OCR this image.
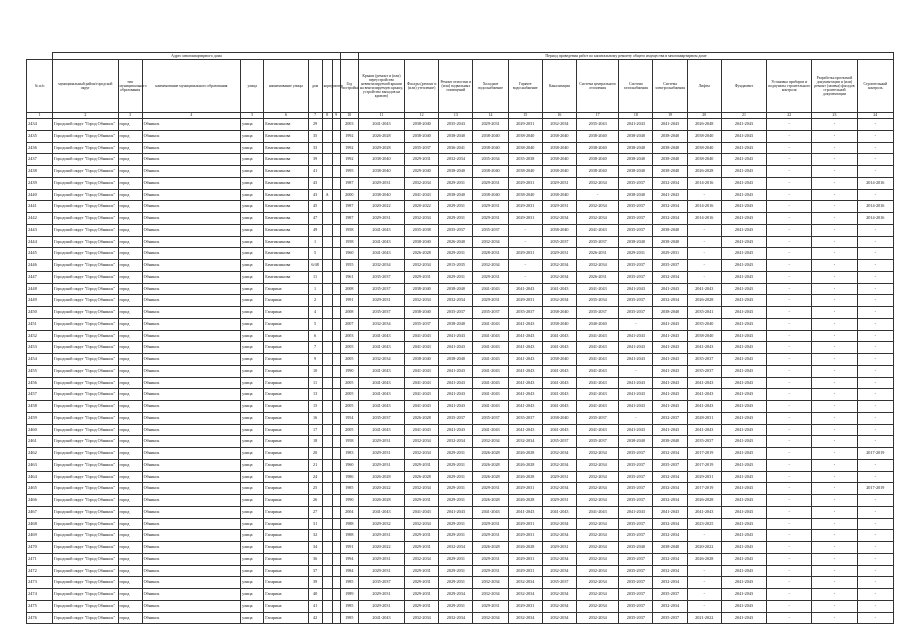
	Адрес многоквартирного дома									Период проведения работ по капитальному ремонту общего имущества в многоквартирном доме													
№ п/п	муниципальный район/городской округ	тип муниципального образования	наименование муниципального образования	улица	наименование улицы	дом	корпус	литер	Год постройки	Крыши (ремонт и (или) переустройство невентилируемой крыши на вентилируемую крышу, устройство выходов на кровлю)	Фасады (ремонт и (или) утепление)	Ремонт отмостки и (или) подвальных помещений	Холодное водоснабжение	Горячее водоснабжение	Канализация	Система центрального отопления	Система газоснабжения	Система электроснабжения	Лифты	Фундамент	Установка приборов и подпункты строительного контроля	Разработка проектной документации и (или) ремонт (замена) фасадов строительной документации	Строительный контроль
1	2	3	4	5	6	7	8	9	10	11	12	13	14	15	16	17	18	19	20	21	22	23	24
2434	Городской округ "Город Обнинск"	город	Обнинск	улица	Бентиклинова	29			2003	2041-2043	2038-2040	2035-2043	2029-2031	2029-2031	2032-2034	2035-2043	2041-2043	2041-2043	2026-2048	2041-2043	-	-	-
2435	Городской округ "Город Обнинск"	город	Обнинск	улица	Бентиклинова	35			1992	2026-2028	2038-2040	2038-2040	2038-2040	2038-2040	2038-2040	2038-2040	2038-2040	2038-2040	2038-2040	2041-2043	-	-	-
2436	Городской округ "Город Обнинск"	город	Обнинск	улица	Бентиклинова	33			1992	2029-2028	2035-2037	2036-2041	2038-2040	2038-2040	2038-2040	2038-2040	2038-2040	2038-2040	2038-2040	2041-2043	-	-	-
2437	Городской округ "Город Обнинск"	город	Обнинск	улица	Бентиклинова	39			1992	2038-2040	2029-2031	2032-2034	2035-2034	2035-2038	2038-2040	2038-2040	2038-2040	2038-2040	2038-2040	2041-2043	-	-	-
2438	Городской округ "Город Обнинск"	город	Обнинск	улица	Бентиклинова	41			1995	2038-2040	2029-2040	2038-2040	2038-2040	2038-2040	2038-2040	2038-2040	2038-2040	2038-2040	2026-2028	2041-2043	-	-	-
2439	Городской округ "Город Обнинск"	город	Обнинск	улица	Бентиклинова	43			1987	2029-2031	2032-2034	2029-2031	2029-2031	2029-2031	2029-2031	2032-2034	2035-2037	2032-2034	2014-2016	2041-2043	-	-	2014-2016
2440	Городской округ "Город Обнинск"	город	Обнинск	улица	Бентиклинова	43	А		2000	2038-2040	2041-2043	2038-2040	2038-2040	2038-2040	2038-2040	-	2038-2040	2041-2043	-	2041-2043	-	-	-
2441	Городской округ "Город Обнинск"	город	Обнинск	улица	Бентиклинова	45			1987	2020-2022	2020-2022	2029-2031	2029-2031	2029-2031	2029-2031	2032-2034	2035-2037	2032-2034	2014-2016	2041-2043	-	-	2014-2016
2442	Городской округ "Город Обнинск"	город	Обнинск	улица	Бентиклинова	47			1987	2029-2031	2032-2034	2029-2031	2029-2031	2029-2031	2032-2034	2032-2034	2035-2037	2032-2034	2014-2016	2041-2043	-	-	2014-2016
2443	Городской округ "Город Обнинск"	город	Обнинск	улица	Бентиклинова	49			1958	2041-2043	2035-2038	2035-2037	2035-2037	-	2038-2040	2041-2043	2035-2037	2038-2040	-	2041-2043	-	-	-
2444	Городской округ "Город Обнинск"	город	Обнинск	улица	Бентиклинова	1			1958	2041-2043	2038-2040	2026-2040	2032-2034	-	2035-2037	2035-2037	2038-2040	2038-2040	-	2041-2043	-	-	-
2445	Городской округ "Город Обнинск"	город	Обнинск	улица	Бентиклинова	5			1960	2041-2043	2026-2028	2029-2031	2028-2031	2029-2031	2029-2031	2026-2031	2029-2031	2029-2031	-	2041-2043	-	-	-
2446	Городской округ "Город Обнинск"	город	Обнинск	улица	Бентиклинова	6/48			1955	2032-2034	2032-2034	2015-2035	2032-2034	-	2032-2034	2032-2034	2035-2037	2035-2037	-	2041-2043	-	-	-
2447	Городской округ "Город Обнинск"	город	Обнинск	улица	Бентиклинова	11			1961	2035-2037	2029-2031	2029-2031	2029-2031	-	2032-2034	2026-2031	2035-2037	2032-2034	-	2041-2043	-	-	-
2448	Городской округ "Город Обнинск"	город	Обнинск	улица	Гагарина	1			2008	2035-2037	2038-2040	2038-2040	2041-2043	2041-2043	2041-2043	2041-2043	2041-2043	2041-2043	2041-2043	2041-2043	-	-	-
2449	Городской округ "Город Обнинск"	город	Обнинск	улица	Гагарина	2			1991	2029-2031	2032-2034	2032-2034	2029-2031	2029-2031	2032-2034	2035-2034	2035-2037	2032-2034	2026-2028	2041-2043	-	-	-
2450	Городской округ "Город Обнинск"	город	Обнинск	улица	Гагарина	4			2008	2035-2037	2038-2040	2035-2037	2035-2037	2035-2037	2038-2040	2035-2037	2035-2037	2038-2040	2035-2041	2041-2043	-	-	-
2451	Городской округ "Город Обнинск"	город	Обнинск	улица	Гагарина	5			2007	2032-2034	2035-2037	2038-2040	2041-2043	2041-2043	2038-2040	2040-2040	-	2041-2043	2035-2040	2041-2043	-	-	-
2452	Городской округ "Город Обнинск"	город	Обнинск	улица	Гагарина	6			2003	2041-2043	2041-2043	2041-2043	2041-2043	2041-2043	2041-2043	2041-2043	2041-2043	2041-2043	2038-2040	2041-2043	-	-	-
2453	Городской округ "Город Обнинск"	город	Обнинск	улица	Гагарина	7			2005	2041-2043	2041-2043	2041-2043	2041-2043	2041-2043	2041-2043	2041-2043	2041-2043	2041-2043	2041-2043	2041-2043	-	-	-
2454	Городской округ "Город Обнинск"	город	Обнинск	улица	Гагарина	9			2005	2032-2034	2038-2040	2038-2040	2041-2043	2041-2043	2038-2040	2041-2043	2041-2043	2041-2043	2035-2037	2041-2043	-	-	-
2455	Городской округ "Город Обнинск"	город	Обнинск	улица	Гагарина	10			1990	2041-2043	2041-2043	2041-2043	2041-2043	2041-2043	2041-2043	2041-2043	-	2041-2043	2035-2037	2041-2043	-	-	-
2456	Городской округ "Город Обнинск"	город	Обнинск	улица	Гагарина	11			2005	2041-2043	2041-2043	2041-2043	2041-2043	2041-2043	2041-2043	2041-2043	2041-2043	2041-2043	2041-2043	2041-2043	-	-	-
2457	Городской округ "Город Обнинск"	город	Обнинск	улица	Гагарина	13			2005	2041-2043	2041-2043	2041-2043	2041-2043	2041-2043	2041-2043	2041-2043	2041-2043	2041-2043	2041-2043	2041-2043	-	-	-
2458	Городской округ "Город Обнинск"	город	Обнинск	улица	Гагарина	15			2005	2041-2043	2041-2043	2041-2043	2041-2043	2041-2043	2041-2043	2041-2043	2041-2043	2041-2043	2041-2043	2041-2043	-	-	-
2459	Городской округ "Город Обнинск"	город	Обнинск	улица	Гагарина	16			1954	2035-2037	2026-2028	2035-2037	2035-2037	2035-2037	2038-2040	2035-2037	-	2032-2037	2028-2031	2041-2043	-	-	-
2460	Городской округ "Город Обнинск"	город	Обнинск	улица	Гагарина	17			2005	2041-2043	2041-2043	2041-2043	2041-2043	2041-2043	2041-2043	2041-2043	2041-2043	2041-2043	2041-2043	2041-2043	-	-	-
2461	Городской округ "Город Обнинск"	город	Обнинск	улица	Гагарина	18			1958	2029-2031	2032-2034	2032-2034	2032-2034	2032-2034	2035-2037	2035-2037	2038-2040	2038-2040	2035-2037	2041-2043	-	-	-
2462	Городской округ "Город Обнинск"	город	Обнинск	улица	Гагарина	20			1983	2029-2031	2032-2034	2029-2031	2026-2028	2026-2028	2032-2034	2032-2034	2035-2037	2032-2034	2017-2019	2041-2043	-	-	2017-2019
2463	Городской округ "Город Обнинск"	город	Обнинск	улица	Гагарина	21			1960	2029-2031	2029-2031	2029-2031	2026-2028	2026-2028	2032-2034	2032-2034	2035-2037	2035-2037	2017-2019	2041-2043	-	-	-
2464	Городской округ "Город Обнинск"	город	Обнинск	улица	Гагарина	24			1986	2026-2028	2026-2028	2029-2031	2026-2028	2026-2028	2029-2031	2032-2034	2035-2037	2032-2034	2029-2031	2041-2043	-	-	-
2465	Городской округ "Город Обнинск"	город	Обнинск	улица	Гагарина	25			1985	2020-2022	2032-2034	2029-2031	2029-2031	2029-2031	2032-2034	2032-2034	2035-2037	2032-2034	2017-2019	2041-2043	-	-	2017-2019
2466	Городской округ "Город Обнинск"	город	Обнинск	улица	Гагарина	26			1990	2026-2028	2029-2031	2029-2031	2026-2028	2026-2028	2029-2031	2032-2034	2035-2037	2032-2034	2026-2028	2041-2043	-	-	-
2467	Городской округ "Город Обнинск"	город	Обнинск	улица	Гагарина	27			2004	2041-2043	2041-2043	2041-2043	2041-2043	2041-2043	2041-2043	2041-2043	2041-2043	2041-2043	2041-2043	2041-2043	-	-	-
2468	Городской округ "Город Обнинск"	город	Обнинск	улица	Гагарина	31			1988	2029-2032	2032-2034	2029-2031	2029-2031	2029-2031	2032-2034	2032-2034	2035-2037	2032-2034	2023-2025	2041-2043	-	-	-
2469	Городской округ "Город Обнинск"	город	Обнинск	улица	Гагарина	32			1988	2029-2031	2029-2031	2029-2031	2029-2031	2029-2031	2032-2034	2032-2034	2035-2037	2032-2034	-	2041-2043	-	-	-
2470	Городской округ "Город Обнинск"	город	Обнинск	улица	Гагарина	34			1991	2020-2022	2029-2031	2032-2034	2026-2028	2026-2028	2029-2031	2032-2034	2035-2040	2038-2040	2020-2022	2041-2043	-	-	-
2471	Городской округ "Город Обнинск"	город	Обнинск	улица	Гагарина	36			1994	2029-2031	2032-2034	2029-2031	2029-2031	2029-2031	2032-2034	2032-2034	2035-2037	2032-2034	2026-2028	2041-2043	-	-	-
2472	Городской округ "Город Обнинск"	город	Обнинск	улица	Гагарина	37			1984	2029-2031	2029-2031	2029-2031	2029-2031	2029-2031	2032-2034	2032-2034	2035-2037	2032-2034	-	2041-2043	-	-	-
2473	Городской округ "Город Обнинск"	город	Обнинск	улица	Гагарина	39			1985	2035-2037	2029-2031	2029-2031	2032-2034	2032-2034	2035-2037	2032-2034	2035-2037	2032-2034	-	2041-2043	-	-	-
2474	Городской округ "Город Обнинск"	город	Обнинск	улица	Гагарина	40			1989	2029-2031	2029-2031	2029-2034	2032-2034	2032-2034	2032-2034	2032-2034	2035-2037	2035-2037	-	2041-2043	-	-	-
2475	Городской округ "Город Обнинск"	город	Обнинск	улица	Гагарина	41			1985	2029-2031	2029-2031	2029-2031	2029-2031	2029-2031	2032-2034	2032-2034	2035-2037	2032-2034	-	2041-2043	-	-	-
2476	Городской округ "Город Обнинск"	город	Обнинск	улица	Гагарина	42			1985	2041-2043	2032-2034	2032-2034	2032-2034	2032-2034	2032-2034	2032-2034	2035-2037	2035-2037	2021-2022	2041-2043	-	-	-
